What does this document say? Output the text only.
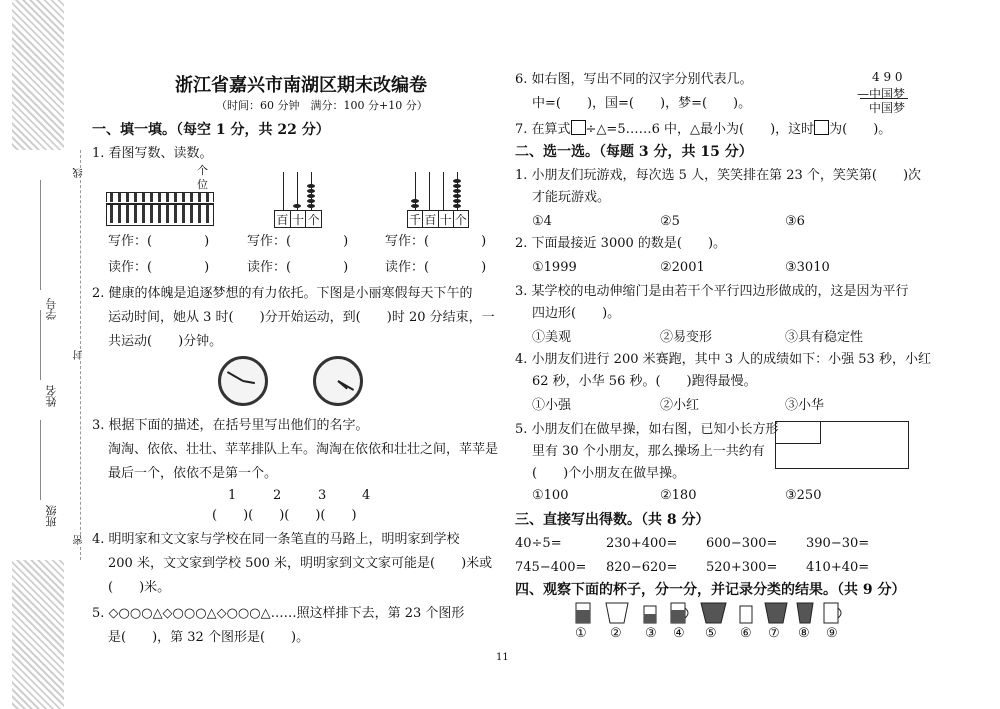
学号
姓名
班级
线
封
密
浙江省嘉兴市南湖区期末改编卷
（时间：60 分钟　满分：100 分+10 分）
一、填一填。（每空 1 分，共 22 分）
1. 看图写数、读数。
个
位
写作：(　　　　)
读作：(　　　　)
百 十 个
写作：(　　　　)
读作：(　　　　)
千 百 十 个
写作：(　　　　)
读作：(　　　　)
2. 健康的体魄是追逐梦想的有力依托。下图是小丽寒假每天下午的
运动时间，她从 3 时(　　)分开始运动，到(　　)时 20 分结束，一
共运动(　　)分钟。
3. 根据下面的描述，在括号里写出他们的名字。
淘淘、依依、壮壮、苹苹排队上车。淘淘在依依和壮壮之间，苹苹是
最后一个，依依不是第一个。
1	2	3	4
(　　)(　　)(　　)(　　)
4. 明明家和文文家与学校在同一条笔直的马路上，明明家到学校
200 米，文文家到学校 500 米，明明家到文文家可能是(　　)米或
(　　)米。
5. ◇○○○△◇○○○△◇○○○△……照这样排下去，第 23 个图形
是(　　)，第 32 个图形是(　　)。
11
6. 如右图，写出不同的汉字分别代表几。
中=(　　)，国=(　　)，梦=(　　)。
4 9 0
—中国梦
中国梦
7. 在算式 ÷△=5……6 中，△最小为(　　)，这时 为(　　)。
二、选一选。（每题 3 分，共 15 分）
1. 小朋友们玩游戏，每次选 5 人，笑笑排在第 23 个，笑笑第(　　)次
才能玩游戏。
①4	②5	③6
2. 下面最接近 3000 的数是(　　)。
①1999	②2001	③3010
3. 某学校的电动伸缩门是由若干个平行四边形做成的，这是因为平行
四边形(　　)。
①美观	②易变形	③具有稳定性
4. 小朋友们进行 200 米赛跑，其中 3 人的成绩如下：小强 53 秒，小红
62 秒，小华 56 秒。(　　)跑得最慢。
①小强	②小红	③小华
5. 小朋友们在做早操，如右图，已知小长方形
里有 30 个小朋友，那么操场上一共约有
(　　)个小朋友在做早操。
①100	②180	③250
三、直接写出得数。（共 8 分）
40÷5=	230+400= 600−300= 390−30=
745−400= 820−620= 520+300= 410+40=
四、观察下面的杯子，分一分，并记录分类的结果。（共 9 分）
① ② ③ ④ ⑤ ⑥ ⑦ ⑧ ⑨
